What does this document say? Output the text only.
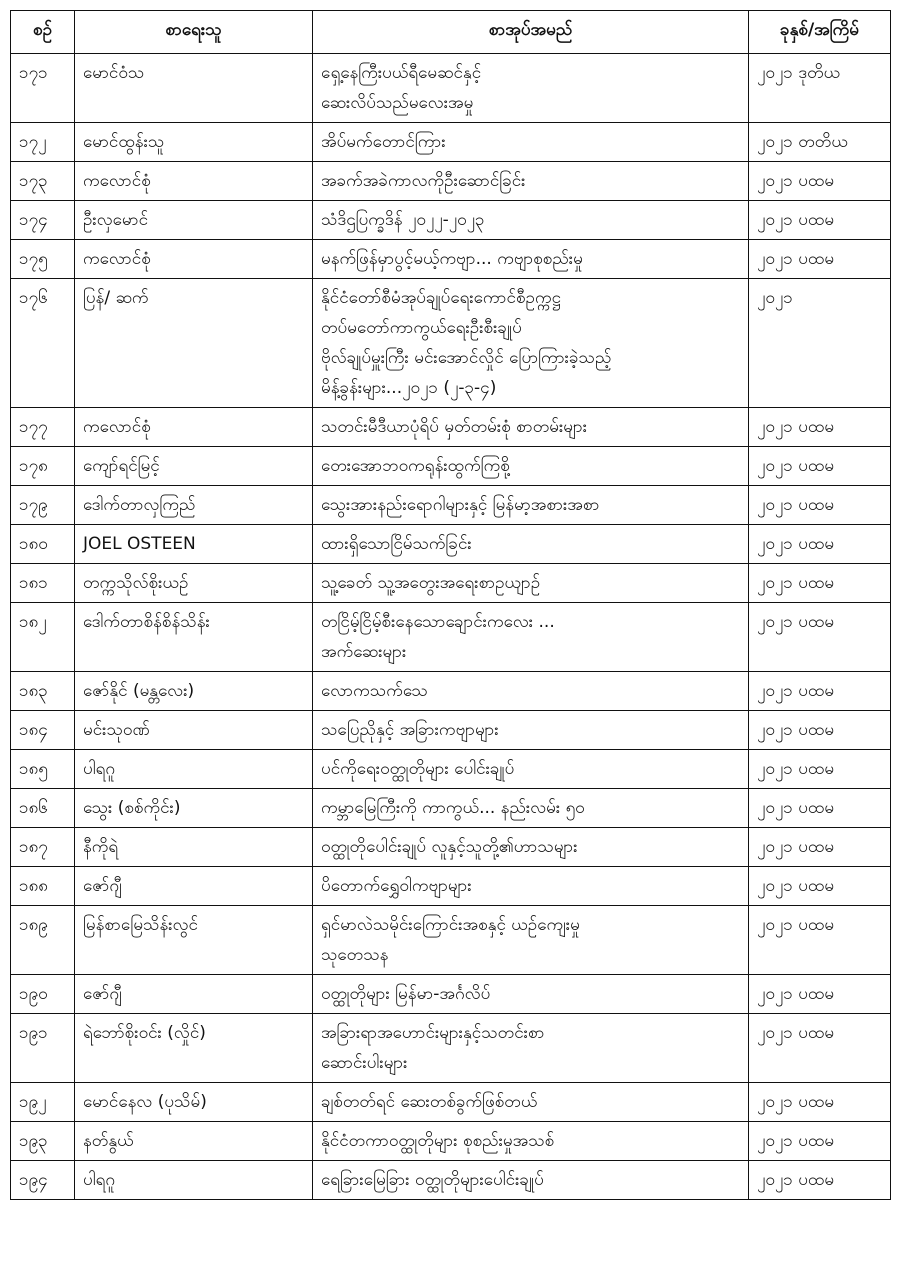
စဉ်	စာရေးသူ	စာအုပ်အမည်	ခုနှစ်/အကြိမ်
၁၇၁	မောင်ဝံသ	ရှေ့နေကြီးပယ်ရီမေဆင်နှင့်
ဆေးလိပ်သည်မလေးအမှု	၂၀၂၁ ဒုတိယ
၁၇၂	မောင်ထွန်းသူ	အိပ်မက်တောင်ကြား	၂၀၂၁ တတိယ
၁၇၃	ကလောင်စုံ	အခက်အခဲကာလကိုဦးဆောင်ခြင်း	၂၀၂၁ ပထမ
၁၇၄	ဦးလှမောင်	သံဒိဌပြက္ခဒိန် ၂၀၂၂-၂၀၂၃	၂၀၂၁ ပထမ
၁၇၅	ကလောင်စုံ	မနက်ဖြန်မှာပွင့်မယ့်ကဗျာ... ကဗျာစုစည်းမှု	၂၀၂၁ ပထမ
၁၇၆	ပြန်/ ဆက်	နိုင်ငံတော်စီမံအုပ်ချုပ်ရေးကောင်စီဥက္ကဋ္ဌ
တပ်မတော်ကာကွယ်ရေးဦးစီးချုပ်
ဗိုလ်ချုပ်မှူးကြီး မင်းအောင်လှိုင် ပြောကြားခဲ့သည့်
မိန့်ခွန်းများ...၂၀၂၁ (၂-၃-၄)	၂၀၂၁
၁၇၇	ကလောင်စုံ	သတင်းမီဒီယာပုံရိပ် မှတ်တမ်းစုံ စာတမ်းများ	၂၀၂၁ ပထမ
၁၇၈	ကျော်ရင်မြင့်	တေးအောဘဝကရုန်းထွက်ကြစို့	၂၀၂၁ ပထမ
၁၇၉	ဒေါက်တာလှကြည်	သွေးအားနည်းရောဂါများနှင့် မြန်မာ့အစားအစာ	၂၀၂၁ ပထမ
၁၈၀	JOEL OSTEEN	ထားရှိသောငြိမ်သက်ခြင်း	၂၀၂၁ ပထမ
၁၈၁	တက္ကသိုလ်စိုးယဉ်	သူ့ခေတ် သူ့အတွေးအရေးစာဥယျာဉ်	၂၀၂၁ ပထမ
၁၈၂	ဒေါက်တာစိန်စိန်သိန်း	တငြိမ့်ငြိမ့်စီးနေသောချောင်းကလေး ...
အက်ဆေးများ	၂၀၂၁ ပထမ
၁၈၃	ဇော်နိုင် (မန္တလေး)	လောကသက်သေ	၂၀၂၁ ပထမ
၁၈၄	မင်းသုဝဏ်	သပြေညိုနှင့် အခြားကဗျာများ	၂၀၂၁ ပထမ
၁၈၅	ပါရဂူ	ပင်ကိုရေးဝတ္ထုတိုများ ပေါင်းချုပ်	၂၀၂၁ ပထမ
၁၈၆	သွေး (စစ်ကိုင်း)	ကမ္ဘာမြေကြီးကို ကာကွယ်... နည်းလမ်း ၅၀	၂၀၂၁ ပထမ
၁၈၇	နီကိုရဲ	ဝတ္ထုတိုပေါင်းချုပ် လူနှင့်သူတို့၏ဟာသများ	၂၀၂၁ ပထမ
၁၈၈	ဇော်ဂျီ	ပိတောက်ရွှေဝါကဗျာများ	၂၀၂၁ ပထမ
၁၈၉	မြန်စာမြေသိန်းလွင်	ရှင်မာလဲသမိုင်းကြောင်းအစနှင့် ယဉ်ကျေးမှု
သုတေသန	၂၀၂၁ ပထမ
၁၉၀	ဇော်ဂျီ	ဝတ္ထုတိုများ မြန်မာ-အင်္ဂလိပ်	၂၀၂၁ ပထမ
၁၉၁	ရဲဘော်စိုးဝင်း (လှိုင်)	အခြားရာအဟောင်းများနှင့်သတင်းစာ
ဆောင်းပါးများ	၂၀၂၁ ပထမ
၁၉၂	မောင်နေလ (ပုသိမ်)	ချစ်တတ်ရင် ဆေးတစ်ခွက်ဖြစ်တယ်	၂၀၂၁ ပထမ
၁၉၃	နတ်နွယ်	နိုင်ငံတကာဝတ္ထုတိုများ စုစည်းမှုအသစ်	၂၀၂၁ ပထမ
၁၉၄	ပါရဂူ	ရေခြားမြေခြား ဝတ္ထုတိုများပေါင်းချုပ်	၂၀၂၁ ပထမ
